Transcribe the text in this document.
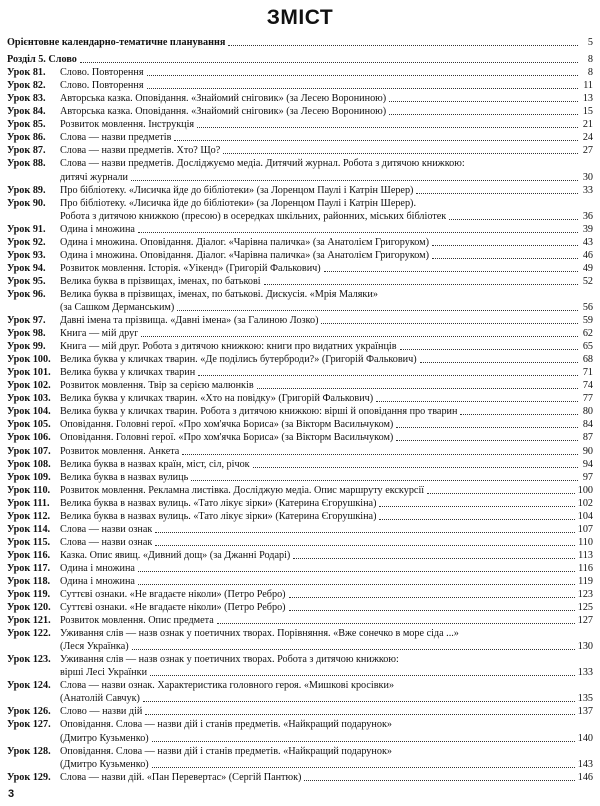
ЗМІСТ
Орієнтовне календарно-тематичне планування	5
Розділ 5. Слово	8
Урок 81.	Слово. Повторення	8
Урок 82.	Слово. Повторення	11
Урок 83.	Авторська казка. Оповідання. «Знайомий сніговик» (за Лесею Ворониною)	13
Урок 84.	Авторська казка. Оповідання. «Знайомий сніговик» (за Лесею Ворониною)	15
Урок 85.	Розвиток мовлення. Інструкція	21
Урок 86.	Слова — назви предметів	24
Урок 87.	Слова — назви предметів. Хто? Що?	27
Урок 88.	Слова — назви предметів. Досліджуємо медіа. Дитячий журнал. Робота з дитячою книжкою:
дитячі журнали	30
Урок 89.	Про бібліотеку. «Лисичка йде до бібліотеки» (за Лоренцом Паулі і Катрін Шерер)	33
Урок 90.	Про бібліотеку. «Лисичка йде до бібліотеки» (за Лоренцом Паулі і Катрін Шерер).
Робота з дитячою книжкою (пресою) в осередках шкільних, районних, міських бібліотек	36
Урок 91.	Одина і множина	39
Урок 92.	Одина і множина. Оповідання. Діалог. «Чарівна паличка» (за Анатолієм Григоруком)	43
Урок 93.	Одина і множина. Оповідання. Діалог. «Чарівна паличка» (за Анатолієм Григоруком)	46
Урок 94.	Розвиток мовлення. Історія. «Уікенд» (Григорій Фалькович)	49
Урок 95.	Велика буква в прізвищах, іменах, по батькові	52
Урок 96.	Велика буква в прізвищах, іменах, по батькові. Дискусія. «Мрія Маляки»
(за Сашком Дерманським)	56
Урок 97.	Давні імена та прізвища. «Давні імена» (за Галиною Лозко)	59
Урок 98.	Книга — мій друг	62
Урок 99.	Книга — мій друг. Робота з дитячою книжкою: книги про видатних українців	65
Урок 100. Велика буква у кличках тварин. «Де поділись бутерброди?» (Григорій Фалькович)	68
Урок 101. Велика буква у кличках тварин	71
Урок 102. Розвиток мовлення. Твір за серією малюнків	74
Урок 103. Велика буква у кличках тварин. «Хто на повідку» (Григорій Фалькович)	77
Урок 104. Велика буква у кличках тварин. Робота з дитячою книжкою: вірші й оповідання про тварин	80
Урок 105. Оповідання. Головні герої. «Про хом'ячка Бориса» (за Вікторм Васильчуком)	84
Урок 106. Оповідання. Головні герої. «Про хом'ячка Бориса» (за Вікторм Васильчуком)	87
Урок 107. Розвиток мовлення. Анкета	90
Урок 108. Велика буква в назвах країн, міст, сіл, річок	94
Урок 109. Велика буква в назвах вулиць	97
Урок 110. Розвиток мовлення. Рекламна листівка. Досліджую медіа. Опис маршруту екскурсії	100
Урок 111.	Велика буква в назвах вулиць. «Тато лікує зірки» (Катерина Єгорушкіна)	102
Урок 112. Велика буква в назвах вулиць. «Тато лікує зірки» (Катерина Єгорушкіна)	104
Урок 114. Слова — назви ознак	107
Урок 115. Слова — назви ознак	110
Урок 116. Казка. Опис явищ. «Дивний дощ» (за Джанні Родарі)	113
Урок 117. Одина і множина	116
Урок 118. Одина і множина	119
Урок 119. Суттєві ознаки. «Не вгадаєте ніколи» (Петро Ребро)	123
Урок 120. Суттєві ознаки. «Не вгадаєте ніколи» (Петро Ребро)	125
Урок 121. Розвиток мовлення. Опис предмета	127
Урок 122. Уживання слів — назв ознак у поетичних творах. Порівняння. «Вже сонечко в море сіда ...»
(Леся Українка)	130
Урок 123. Уживання слів — назв ознак у поетичних творах. Робота з дитячою книжкою:
вірші Лесі Українки	133
Урок 124. Слова — назви ознак. Характеристика головного героя. «Мишкові кросівки»
(Анатолій Савчук)	135
Урок 126. Слово — назви дій	137
Урок 127. Оповідання. Слова — назви дій і станів предметів. «Найкращий подарунок»
(Дмитро Кузьменко)	140
Урок 128. Оповідання. Слова — назви дій і станів предметів. «Найкращий подарунок»
(Дмитро Кузьменко)	143
Урок 129. Слова — назви дій. «Пан Перевертас» (Сергій Пантюк)	146
3
